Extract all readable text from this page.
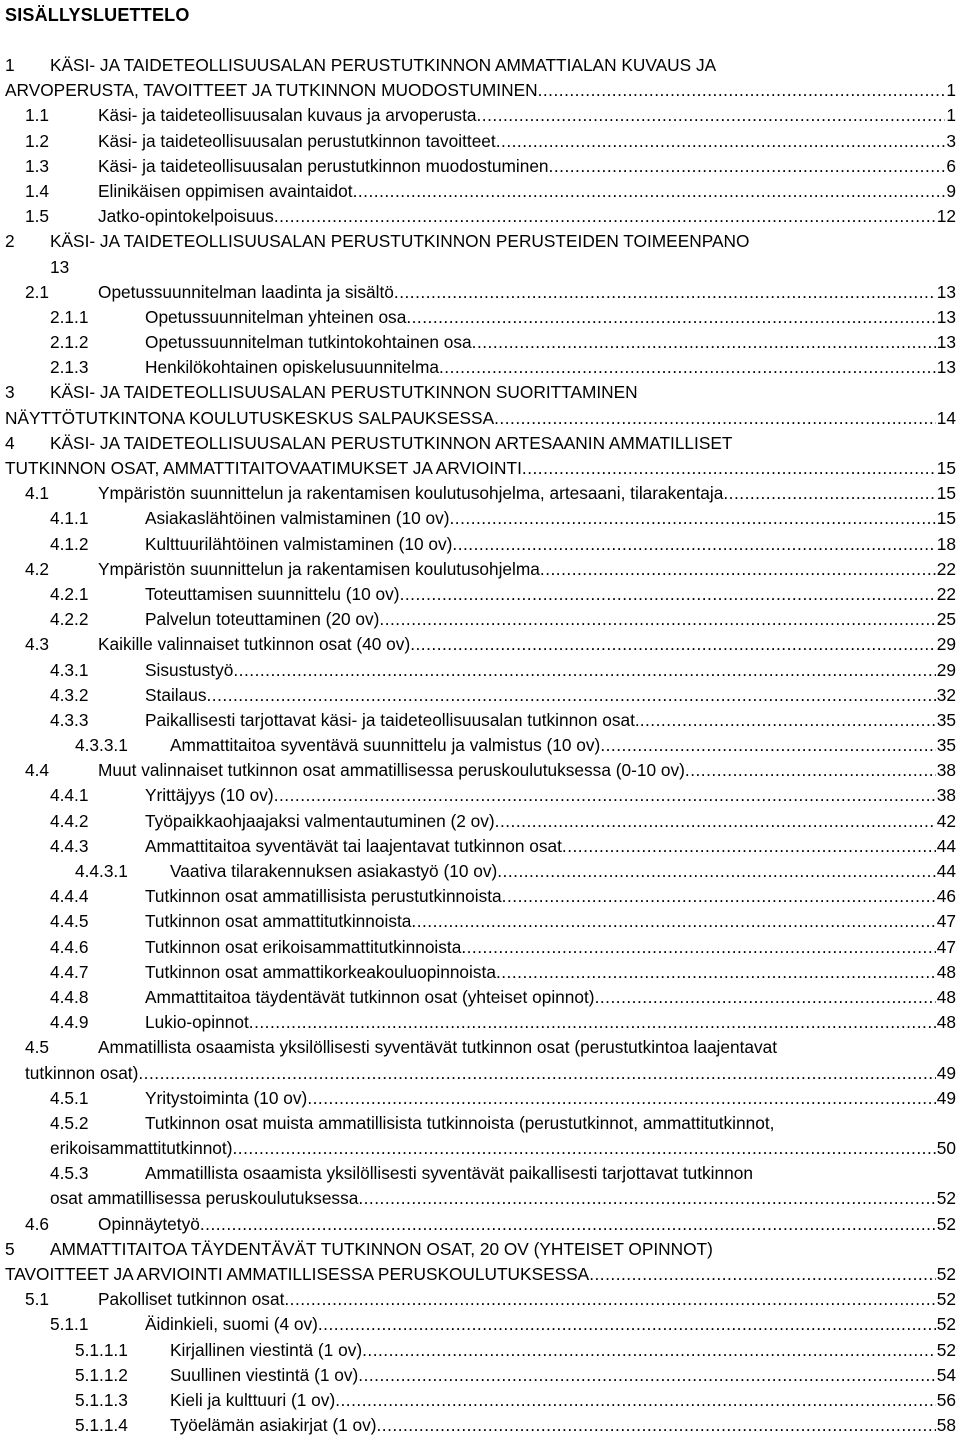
SISÄLLYSLUETTELO
1 KÄSI- JA TAIDETEOLLISUUSALAN PERUSTUTKINNON AMMATTIALAN KUVAUS JA
ARVOPERUSTA, TAVOITTEET JA TUTKINNON MUODOSTUMINEN .....	1
1.1	Käsi- ja taideteollisuusalan kuvaus ja arvoperusta .....	1
1.2	Käsi- ja taideteollisuusalan perustutkinnon tavoitteet .....	3
1.3	Käsi- ja taideteollisuusalan perustutkinnon muodostuminen .....	6
1.4	Elinikäisen oppimisen avaintaidot .....	9
1.5	Jatko-opintokelpoisuus .....	12
2 KÄSI- JA TAIDETEOLLISUUSALAN PERUSTUTKINNON PERUSTEIDEN TOIMEENPANO
13
2.1	Opetussuunnitelman laadinta ja sisältö .....	13
2.1.1	Opetussuunnitelman yhteinen osa .....	13
2.1.2	Opetussuunnitelman tutkintokohtainen osa .....	13
2.1.3	Henkilökohtainen opiskelusuunnitelma .....	13
3 KÄSI- JA TAIDETEOLLISUUSALAN PERUSTUTKINNON SUORITTAMINEN
NÄYTTÖTUTKINTONA KOULUTUSKESKUS SALPAUKSESSA .....	14
4 KÄSI- JA TAIDETEOLLISUUSALAN PERUSTUTKINNON ARTESAANIN AMMATILLISET
TUTKINNON OSAT, AMMATTITAITOVAATIMUKSET JA ARVIOINTI .....	15
4.1	Ympäristön suunnittelun ja rakentamisen koulutusohjelma, artesaani, tilarakentaja .....	15
4.1.1	Asiakaslähtöinen valmistaminen (10 ov) .....	15
4.1.2	Kulttuurilähtöinen valmistaminen (10 ov) .....	18
4.2	Ympäristön suunnittelun ja rakentamisen koulutusohjelma .....	22
4.2.1	Toteuttamisen suunnittelu (10 ov) .....	22
4.2.2	Palvelun toteuttaminen (20 ov) .....	25
4.3	Kaikille valinnaiset tutkinnon osat (40 ov) .....	29
4.3.1	Sisustustyö .....	29
4.3.2	Stailaus .....	32
4.3.3	Paikallisesti tarjottavat käsi- ja taideteollisuusalan tutkinnon osat. .....	35
4.3.3.1 Ammattitaitoa syventävä suunnittelu ja valmistus (10 ov) .....	35
4.4	Muut valinnaiset tutkinnon osat ammatillisessa peruskoulutuksessa (0-10 ov) .....	38
4.4.1	Yrittäjyys (10 ov) .....	38
4.4.2	Työpaikkaohjaajaksi valmentautuminen (2 ov) .....	42
4.4.3	Ammattitaitoa syventävät tai laajentavat tutkinnon osat .....	44
4.4.3.1 Vaativa tilarakennuksen asiakastyö (10 ov) .....	44
4.4.4	Tutkinnon osat ammatillisista perustutkinnoista .....	46
4.4.5	Tutkinnon osat ammattitutkinnoista .....	47
4.4.6	Tutkinnon osat erikoisammattitutkinnoista .....	47
4.4.7	Tutkinnon osat ammattikorkeakouluopinnoista .....	48
4.4.8	Ammattitaitoa täydentävät tutkinnon osat (yhteiset opinnot) .....	48
4.4.9	Lukio-opinnot .....	48
4.5	Ammatillista osaamista yksilöllisesti syventävät tutkinnon osat (perustutkintoa laajentavat
tutkinnon osat) .....	49
4.5.1	Yritystoiminta (10 ov) .....	49
4.5.2	Tutkinnon osat muista ammatillisista tutkinnoista (perustutkinnot, ammattitutkinnot,
erikoisammattitutkinnot) .....	50
4.5.3	Ammatillista osaamista yksilöllisesti syventävät paikallisesti tarjottavat tutkinnon
osat ammatillisessa peruskoulutuksessa .....	52
4.6	Opinnäytetyö .....	52
5 AMMATTITAITOA TÄYDENTÄVÄT TUTKINNON OSAT, 20 OV (YHTEISET OPINNOT)
TAVOITTEET JA ARVIOINTI AMMATILLISESSA PERUSKOULUTUKSESSA .....	52
5.1	Pakolliset tutkinnon osat .....	52
5.1.1	Äidinkieli, suomi (4 ov) .....	52
5.1.1.1 Kirjallinen viestintä (1 ov) .....	52
5.1.1.2 Suullinen viestintä (1 ov) .....	54
5.1.1.3 Kieli ja kulttuuri (1 ov) .....	56
5.1.1.4 Työelämän asiakirjat (1 ov) .....	58
